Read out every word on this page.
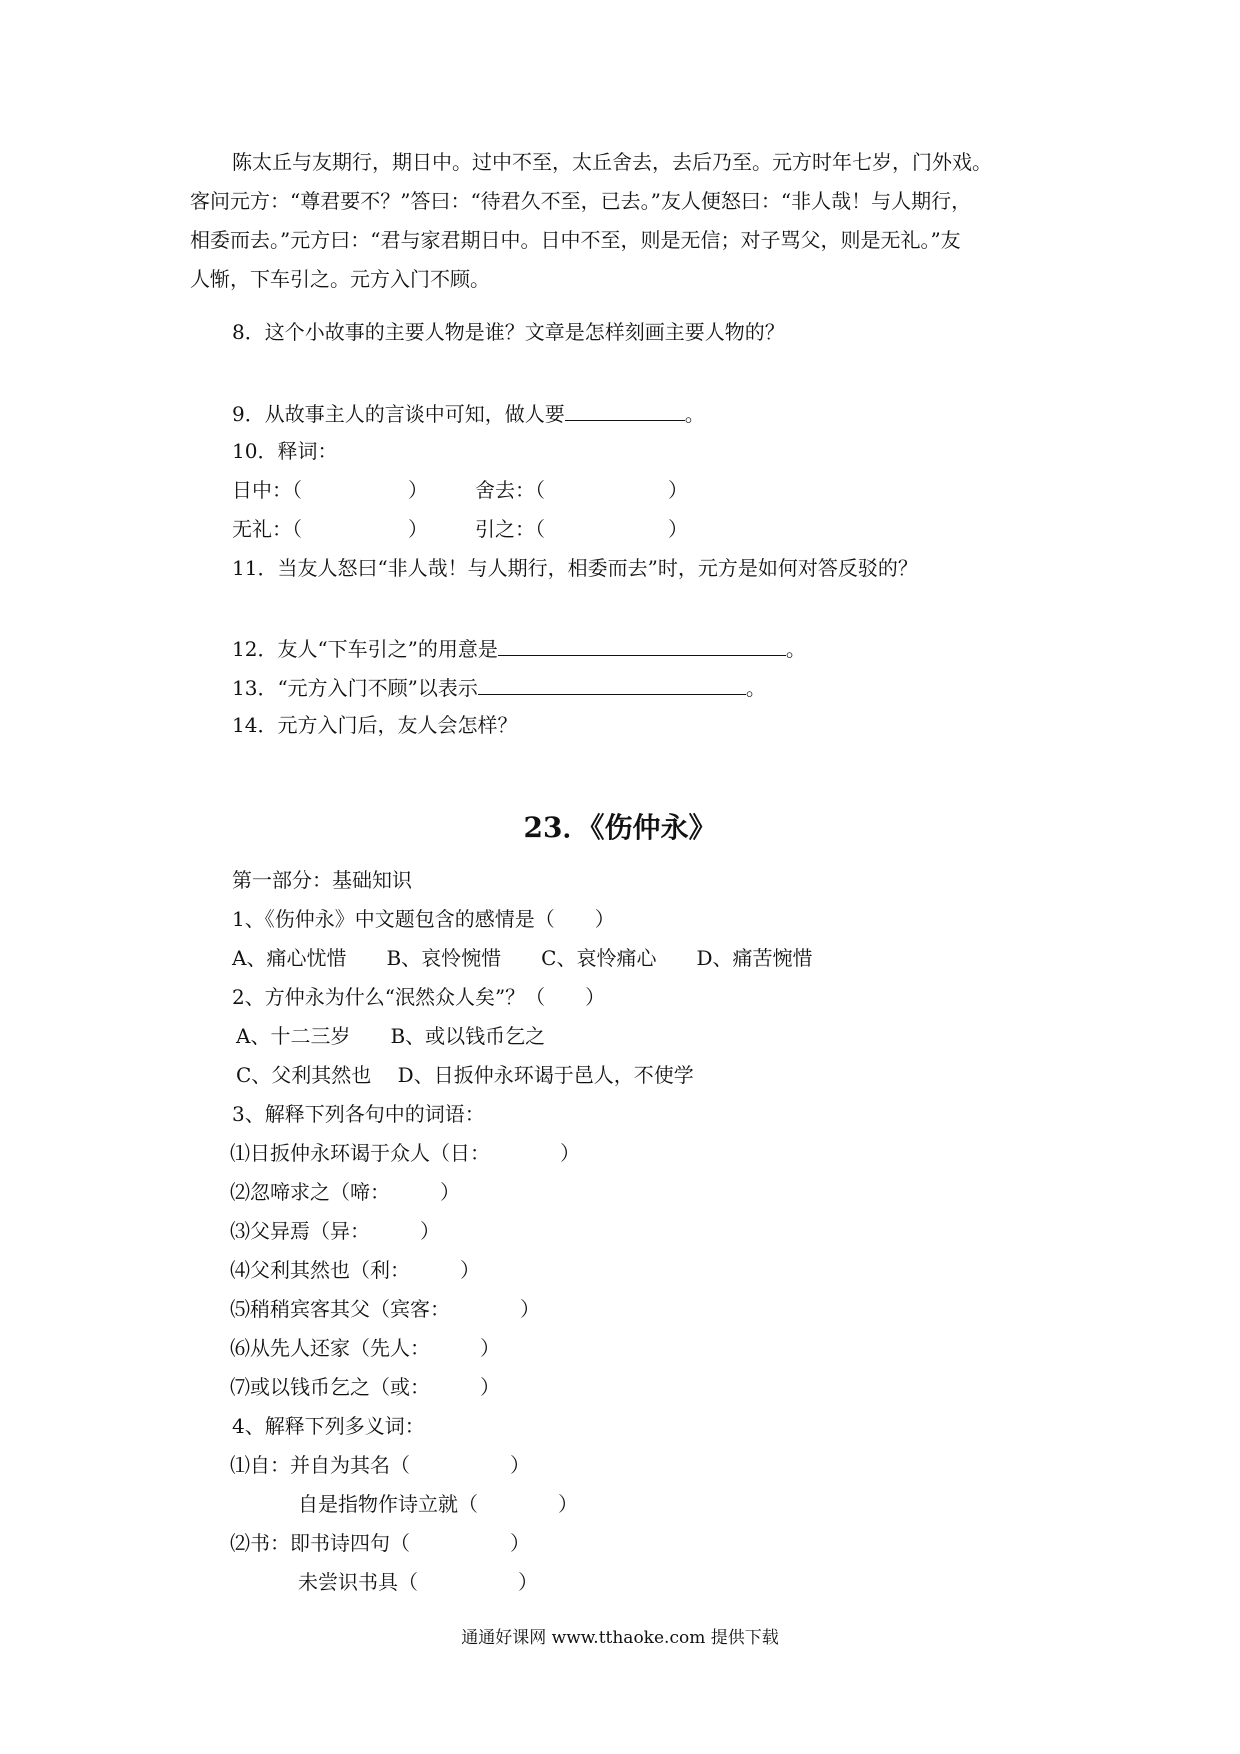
陈太丘与友期行，期日中。过中不至，太丘舍去，去后乃至。元方时年七岁，门外戏。
客问元方：“尊君要不？”答曰：“待君久不至，已去。”友人便怒曰：“非人哉！与人期行，
相委而去。”元方曰：“君与家君期日中。日中不至，则是无信；对子骂父，则是无礼。”友
人惭，下车引之。元方入门不顾。
8．这个小故事的主要人物是谁？文章是怎样刻画主要人物的？
9．从故事主人的言谈中可知，做人要	。
10．释词：
日中：（	） 舍去：（	）
无礼：（	） 引之：（	）
11．当友人怒曰“非人哉！与人期行，相委而去”时，元方是如何对答反驳的？
12．友人“下车引之”的用意是	。
13．“元方入门不顾”以表示	。
14．元方入门后，友人会怎样？
23．《伤仲永》
第一部分：基础知识
1、《伤仲永》中文题包含的感情是（　　）
A、痛心忧惜　　B、哀怜惋惜　　C、哀怜痛心　　D、痛苦惋惜
2、方仲永为什么“泯然众人矣”？（　　）
A、十二三岁　　B、或以钱币乞之
C、父利其然也　 D、日扳仲永环谒于邑人，不使学
3、解释下列各句中的词语：
⑴日扳仲永环谒于众人（日：　　　　）
⑵忽啼求之（啼：　　　）
⑶父异焉（异：　　　）
⑷父利其然也（利：　　　）
⑸稍稍宾客其父（宾客：　　　　）
⑹从先人还家（先人：　　　）
⑺或以钱币乞之（或：　　　）
4、解释下列多义词：
⑴自：并自为其名（　　　　　）
自是指物作诗立就（　　　　）
⑵书：即书诗四句（　　　　　）
未尝识书具（　　　　　）
通通好课网 www.tthaoke.com 提供下载
